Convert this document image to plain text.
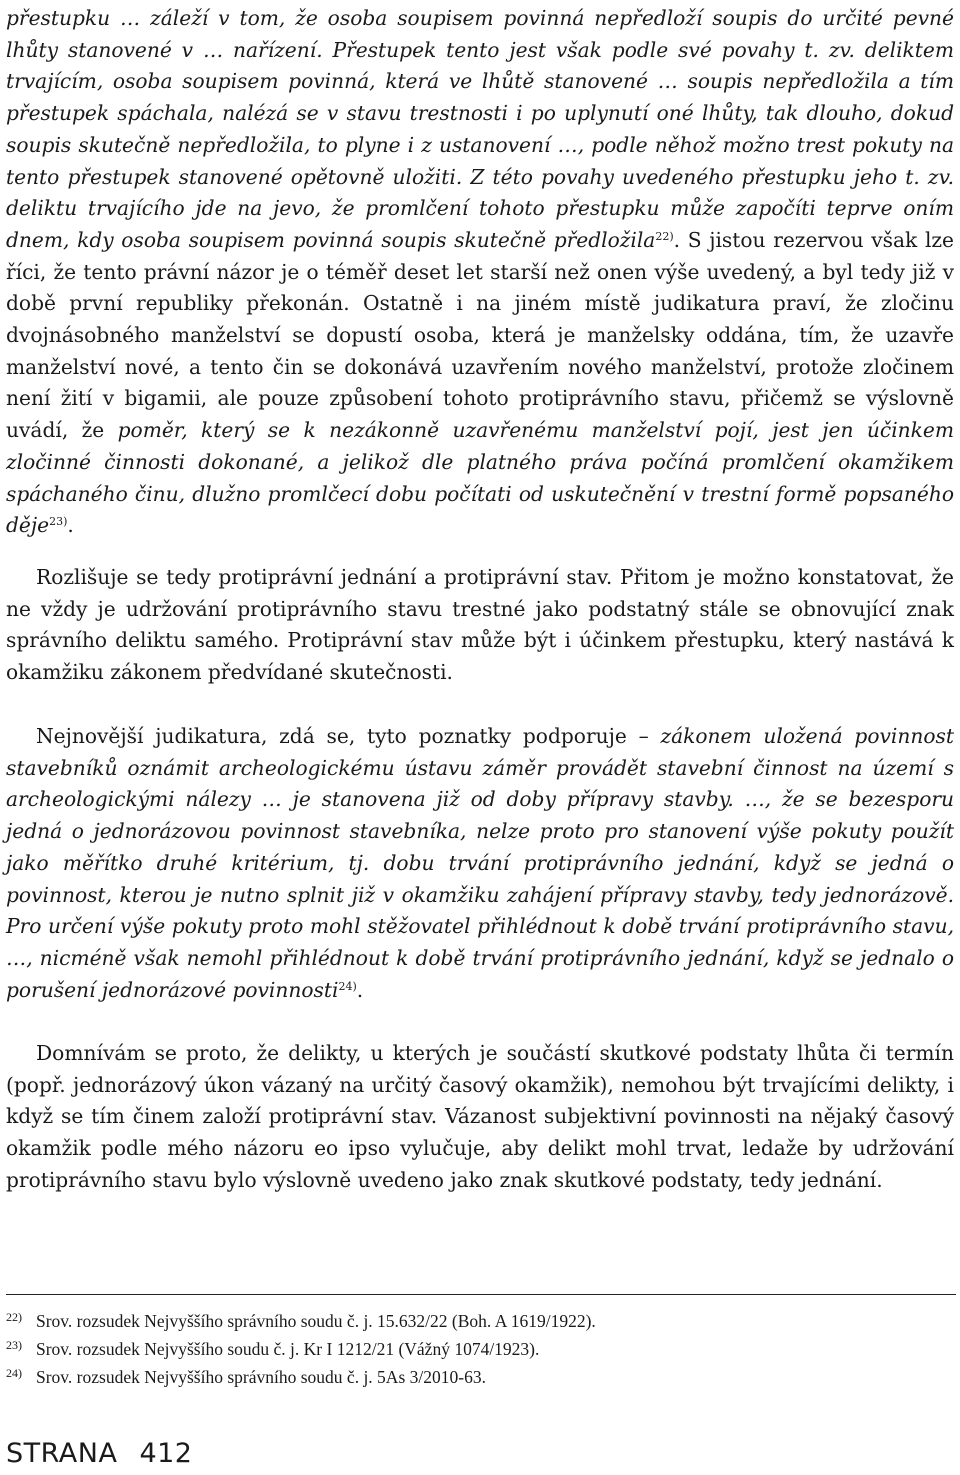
přestupku … záleží v tom, že osoba soupisem povinná nepředloží soupis do určité pevné lhůty stanovené v … nařízení. Přestupek tento jest však podle své povahy t. zv. deliktem trvajícím, osoba soupisem povinná, která ve lhůtě stanovené … soupis nepředložila a tím přestupek spáchala, nalézá se v stavu trestnosti i po uplynutí oné lhůty, tak dlouho, dokud soupis skutečně nepředložila, to plyne i z ustanovení …, podle něhož možno trest pokuty na tento přestupek stanovené opětovně uložiti. Z této povahy uvedeného přestupku jeho t. zv. deliktu trvajícího jde na jevo, že promlčení tohoto přestupku může započíti teprve oním dnem, kdy osoba soupisem povinná soupis skutečně předložila$^{22)}$. S jistou rezervou však lze říci, že tento právní názor je o téměř deset let starší než onen výše uvedený, a byl tedy již v době první republiky překonán. Ostatně i na jiném místě judikatura praví, že zločinu dvojnásobného manželství se dopustí osoba, která je manželsky oddána, tím, že uzavře manželství nové, a tento čin se dokonává uzavřením nového manželství, protože zločinem není žití v bigamii, ale pouze způsobení tohoto protiprávního stavu, přičemž se výslovně uvádí, že poměr, který se k nezákonně uzavřenému manželství pojí, jest jen účinkem zločinné činnosti dokonané, a jelikož dle platného práva počíná promlčení okamžikem spáchaného činu, dlužno promlčecí dobu počítati od uskutečnění v trestní formě popsaného děje$^{23)}$.

Rozlišuje se tedy protiprávní jednání a protiprávní stav. Přitom je možno konstatovat, že ne vždy je udržování protiprávního stavu trestné jako podstatný stále se obnovující znak správního deliktu samého. Protiprávní stav může být i účinkem přestupku, který nastává k okamžiku zákonem předvídané skutečnosti.

Nejnovější judikatura, zdá se, tyto poznatky podporuje – zákonem uložená povinnost stavebníků oznámit archeologickému ústavu záměr provádět stavební činnost na území s archeologickými nálezy … je stanovena již od doby přípravy stavby. …, že se bezesporu jedná o jednorázovou povinnost stavebníka, nelze proto pro stanovení výše pokuty použít jako měřítko druhé kritérium, tj. dobu trvání protiprávního jednání, když se jedná o povinnost, kterou je nutno splnit již v okamžiku zahájení přípravy stavby, tedy jednorázově. Pro určení výše pokuty proto mohl stěžovatel přihlédnout k době trvání protiprávního stavu, …, nicméně však nemohl přihlédnout k době trvání protiprávního jednání, když se jednalo o porušení jednorázové povinnosti$^{24)}$.

Domnívám se proto, že delikty, u kterých je součástí skutkové podstaty lhůta či termín (popř. jednorázový úkon vázaný na určitý časový okamžik), nemohou být trvajícími delikty, i když se tím činem založí protiprávní stav. Vázanost subjektivní povinnosti na nějaký časový okamžik podle mého názoru eo ipso vylučuje, aby delikt mohl trvat, ledaže by udržování protiprávního stavu bylo výslovně uvedeno jako znak skutkové podstaty, tedy jednání.

22) Srov. rozsudek Nejvyššího správního soudu č. j. 15.632/22 (Boh. A 1619/1922).
23) Srov. rozsudek Nejvyššího soudu č. j. Kr I 1212/21 (Vážný 1074/1923).
24) Srov. rozsudek Nejvyššího správního soudu č. j. 5As 3/2010-63.
STRANA 412
